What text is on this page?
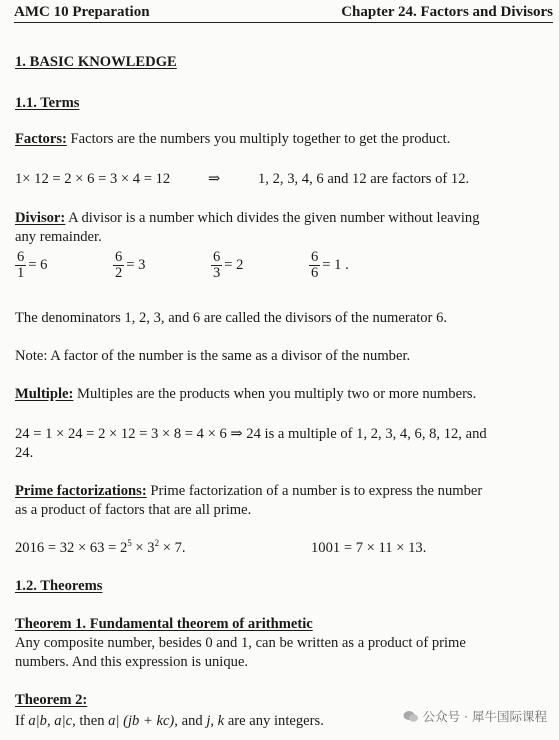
AMC 10 Preparation	Chapter 24. Factors and Divisors
1. BASIC KNOWLEDGE
1.1. Terms
Factors: Factors are the numbers you multiply together to get the product.
1× 12 = 2 × 6 = 3 × 4 = 12	⇒	1, 2, 3, 4, 6 and 12 are factors of 12.
Divisor: A divisor is a number which divides the given number without leaving
any remainder.
$\frac{6}{1} = 6$	$\frac{6}{2} = 3$	$\frac{6}{3} = 2$	$\frac{6}{6} = 1$ .
The denominators 1, 2, 3, and 6 are called the divisors of the numerator 6.
Note: A factor of the number is the same as a divisor of the number.
Multiple: Multiples are the products when you multiply two or more numbers.
24 = 1 × 24 = 2 × 12 = 3 × 8 = 4 × 6 ⇒ 24 is a multiple of 1, 2, 3, 4, 6, 8, 12, and
24.
Prime factorizations: Prime factorization of a number is to express the number
as a product of factors that are all prime.
$2016 = 32 \times 63 = 2^5 \times 3^2 \times 7$.	1001 = 7 × 11 × 13.
1.2. Theorems
Theorem 1. Fundamental theorem of arithmetic
Any composite number, besides 0 and 1, can be written as a product of prime
numbers. And this expression is unique.
Theorem 2:
If a|b, a|c, then a| (jb + kc), and j, k are any integers.	公众号 · 犀牛国际课程
